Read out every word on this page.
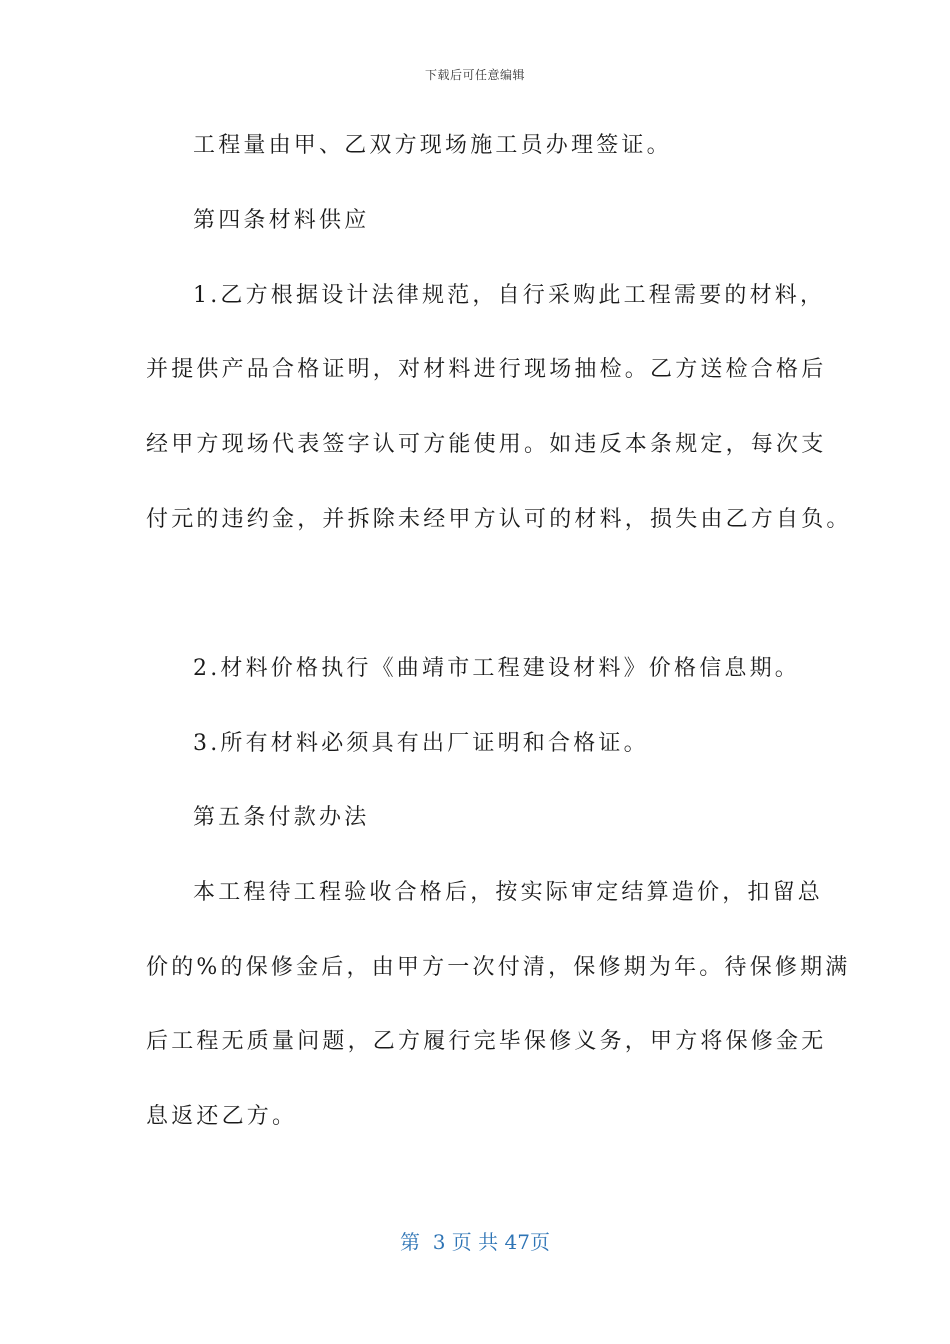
下载后可任意编辑
工程量由甲、乙双方现场施工员办理签证。
第四条材料供应
1.乙方根据设计法律规范，自行采购此工程需要的材料，
并提供产品合格证明，对材料进行现场抽检。乙方送检合格后
经甲方现场代表签字认可方能使用。如违反本条规定，每次支
付元的违约金，并拆除未经甲方认可的材料，损失由乙方自负。
2.材料价格执行《曲靖市工程建设材料》价格信息期。
3.所有材料必须具有出厂证明和合格证。
第五条付款办法
本工程待工程验收合格后，按实际审定结算造价，扣留总
价的%的保修金后，由甲方一次付清，保修期为年。待保修期满
后工程无质量问题，乙方履行完毕保修义务，甲方将保修金无
息返还乙方。
第  3 页 共 47页
